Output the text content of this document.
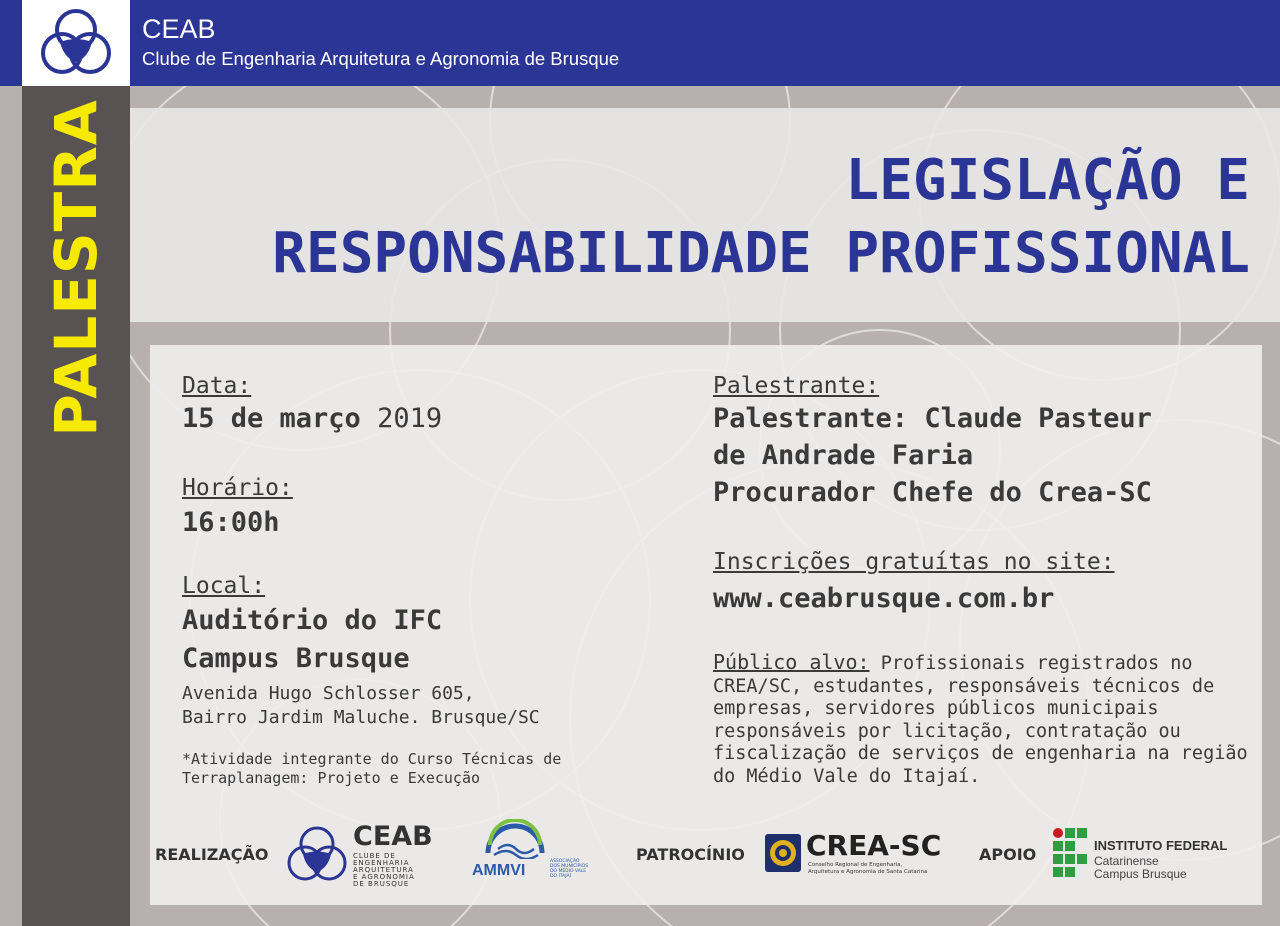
CEAB
Clube de Engenharia Arquitetura e Agronomia de Brusque
PALESTRA	LEGISLAÇÃO E
RESPONSABILIDADE PROFISSIONAL
Data:
15 de março 2019
Horário:
16:00h
Local:
Auditório do IFC
Campus Brusque
Avenida Hugo Schlosser 605,
Bairro Jardim Maluche. Brusque/SC
*Atividade integrante do Curso Técnicas de
Terraplanagem: Projeto e Execução
Palestrante:
Palestrante: Claude Pasteur
de Andrade Faria
Procurador Chefe do Crea-SC
Inscrições gratuítas no site:
www.ceabrusque.com.br
Público alvo: Profissionais registrados no CREA/SC, estudantes, responsáveis técnicos de empresas, servidores públicos municipais responsáveis por licitação, contratação ou fiscalização de serviços de engenharia na região do Médio Vale do Itajaí.
REALIZAÇÃO
CEAB
CLUBE DE
ENGENHARIA
ARQUITETURA
E AGRONOMIA
DE BRUSQUE
AMMVI
ASSOCIAÇÃO
DOS MUNICÍPIOS
DO MÉDIO VALE
DO ITAJAÍ
PATROCÍNIO CREA-SC
Conselho Regional de Engenharia,
Arquitetura e Agronomia de Santa Catarina
APOIO	INSTITUTO FEDERAL
Catarinense
Campus Brusque
